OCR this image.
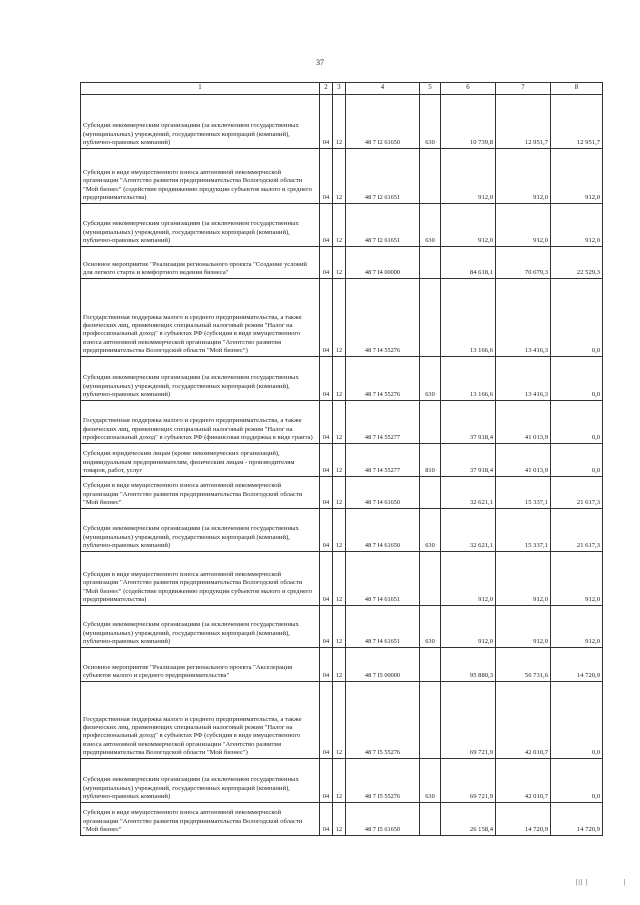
37
1	2	3	4	5	6	7	8
Субсидии некоммерческим организациям (за исключением государственных (муниципальных) учреждений, государственных корпораций (компаний), публично-правовых компаний)	04	12	48 7 I2 61650	630	10 739,8	12 951,7	12 951,7
Субсидия в виде имущественного взноса автономной некоммерческой организации "Агентство развития предпринимательства Вологодской области "Мой бизнес" (содействие продвижению продукции субъектов малого и среднего предпринимательства)	04	12	48 7 I2 61651		912,0	912,0	912,0
Субсидии некоммерческим организациям (за исключением государственных (муниципальных) учреждений, государственных корпораций (компаний), публично-правовых компаний)	04	12	48 7 I2 61651	630	912,0	912,0	912,0
Основное мероприятие "Реализация регионального проекта "Создание условий для легкого старта и комфортного ведения бизнеса"	04	12	48 7 I4 00000		84 618,1	70 679,3	22 529,3
Государственная поддержка малого и среднего предпринимательства, а также физических лиц, применяющих специальный налоговый режим "Налог на профессиональный доход" в субъектах РФ (субсидия в виде имущественного взноса автономной некоммерческой организации "Агентство развития предпринимательства Вологодской области "Мой бизнес")	04	12	48 7 I4 55276		13 166,6	13 416,3	0,0
Субсидии некоммерческим организациям (за исключением государственных (муниципальных) учреждений, государственных корпораций (компаний), публично-правовых компаний)	04	12	48 7 I4 55276	630	13 166,6	13 416,3	0,0
Государственная поддержка малого и среднего предпринимательства, а также физических лиц, применяющих специальный налоговый режим "Налог на профессиональный доход" в субъектах РФ (финансовая поддержка в виде гранта)	04	12	48 7 I4 55277		37 918,4	41 013,9	0,0
Субсидии юридическим лицам (кроме некоммерческих организаций), индивидуальным предпринимателям, физическим лицам - производителям товаров, работ, услуг	04	12	48 7 I4 55277	810	37 918,4	41 013,9	0,0
Субсидия в виде имущественного взноса автономной некоммерческой организации "Агентство развития предпринимательства Вологодской области "Мой бизнес"	04	12	48 7 I4 61650		32 621,1	15 337,1	21 617,3
Субсидии некоммерческим организациям (за исключением государственных (муниципальных) учреждений, государственных корпораций (компаний), публично-правовых компаний)	04	12	48 7 I4 61650	630	32 621,1	15 337,1	21 617,3
Субсидия в виде имущественного взноса автономной некоммерческой организации "Агентство развития предпринимательства Вологодской области "Мой бизнес" (содействие продвижению продукции субъектов малого и среднего предпринимательства)	04	12	48 7 I4 61651		912,0	912,0	912,0
Субсидии некоммерческим организациям (за исключением государственных (муниципальных) учреждений, государственных корпораций (компаний), публично-правовых компаний)	04	12	48 7 I4 61651	630	912,0	912,0	912,0
Основное мероприятие "Реализация регионального проекта "Акселерация субъектов малого и среднего предпринимательства"	04	12	48 7 I5 00000		95 880,3	56 731,6	14 720,9
Государственная поддержка малого и среднего предпринимательства, а также физических лиц, применяющих специальный налоговый режим "Налог на профессиональный доход" в субъектах РФ (субсидия в виде имущественного взноса автономной некоммерческой организации "Агентство развития предпринимательства Вологодской области "Мой бизнес")	04	12	48 7 I5 55276		69 721,9	42 010,7	0,0
Субсидии некоммерческим организациям (за исключением государственных (муниципальных) учреждений, государственных корпораций (компаний), публично-правовых компаний)	04	12	48 7 I5 55276	630	69 721,9	42 010,7	0,0
Субсидия в виде имущественного взноса автономной некоммерческой организации "Агентство развития предпринимательства Вологодской области "Мой бизнес"	04	12	48 7 I5 61650		26 158,4	14 720,9	14 720,9
||| |	|
